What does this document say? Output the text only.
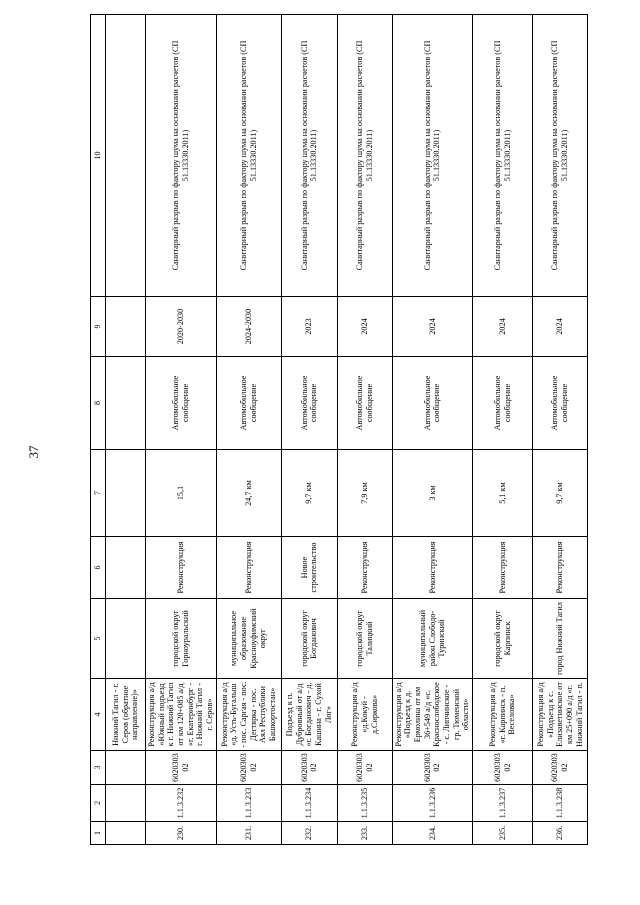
37
1	2	3	4	5	6	7	8	9	10
			Нижний Тагил - г. Серов (обратное направление)»						
230.	1.1.3.232	602030302	Реконструкция а/д «Южный подъезд к г. Нижний Тагил от км 120+085 а/д «г. Екатеринбург - г. Нижний Тагил - г. Серов»	городской округ Горноуральский	Реконструкция	15,1	Автомобильное сообщение	2020-2030	Санитарный разрыв по фактору шума на основании расчетов (СП 51.13330.2011)
231.	1.1.3.233	602030302	Реконструкция а/д «д. Усть-Бугалыш - пос. Саргая - пос. Дегтярка - пос. Аял Республики Башкортостан»	муниципальное образование Красноуфимский округ	Реконструкция	24,7 км	Автомобильное сообщение	2024-2030	Санитарный разрыв по фактору шума на основании расчетов (СП 51.13330.2011)
232.	1.1.3.234	602030302	Подъезд к п. Дубровный от а/д «г. Богданович - д. Кашина - г. Сухой Лог»	городской округ Богданович	Новое строительство	9,7 км	Автомобильное сообщение	2023	Санитарный разрыв по фактору шума на основании расчетов (СП 51.13330.2011)
233.	1.1.3.235	602030302	Реконструкция а/д «д.Кокуй - д.Сиркова»	городской округ Талицкий	Реконструкция	7,9 км	Автомобильное сообщение	2024	Санитарный разрыв по фактору шума на основании расчетов (СП 51.13330.2011)
234.	1.1.3.236	602030302	Реконструкция а/д «Подъезд к д. Ермолина от км 36+549 а/д «с. Краснослободское - с. Липчинское - гр. Тюменской области»	муниципальный район Слободо-Туринский	Реконструкция	3 км	Автомобильное сообщение	2024	Санитарный разрыв по фактору шума на основании расчетов (СП 51.13330.2011)
235.	1.1.3.237	602030302	Реконструкция а/д «г. Карпинск - п. Веселовка»	городской округ Карпинск	Реконструкция	5,1 км	Автомобильное сообщение	2024	Санитарный разрыв по фактору шума на основании расчетов (СП 51.13330.2011)
236.	1.1.3.238	602030302	Реконструкция а/д «Подъезд к с. Елизаветинское от км 25+090 а/д «г. Нижний Тагил - п.	город Нижний Тагил	Реконструкция	9,7 км	Автомобильное сообщение	2024	Санитарный разрыв по фактору шума на основании расчетов (СП 51.13330.2011)
